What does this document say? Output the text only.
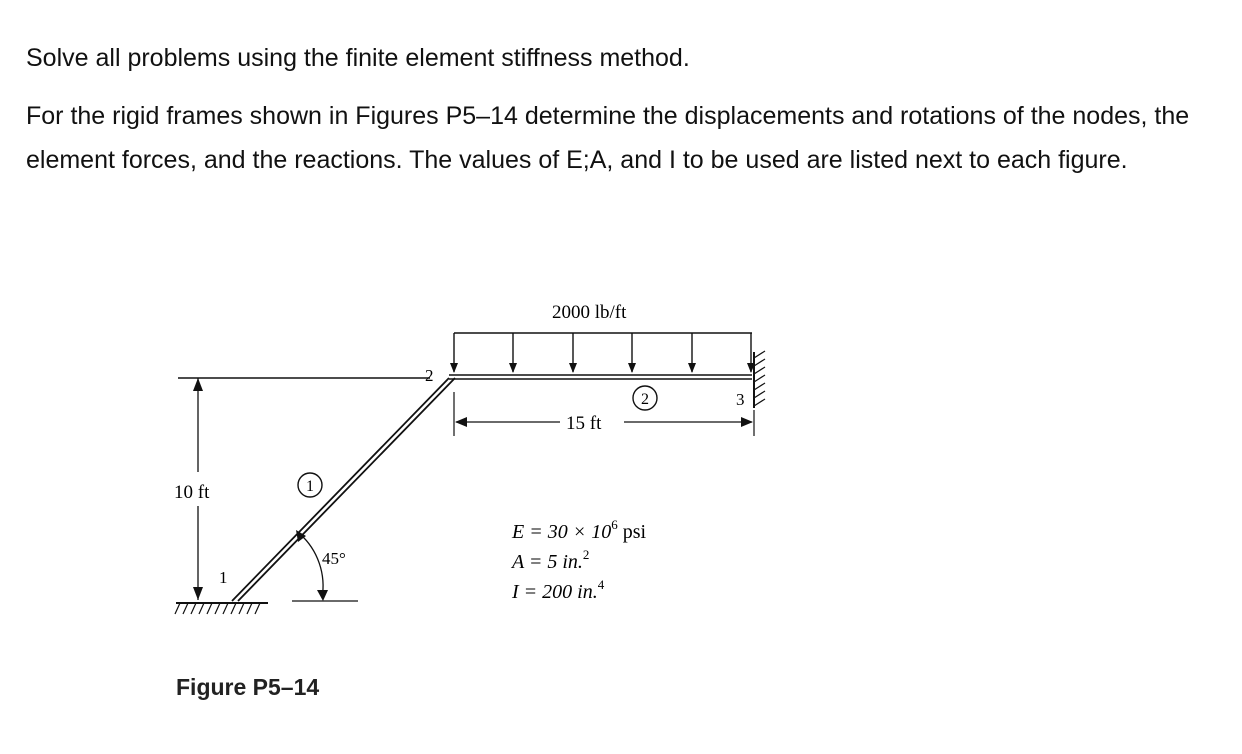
Solve all problems using the finite element stiffness method.

For the rigid frames shown in Figures P5–14 determine the displacements and rotations of the nodes, the element forces, and the reactions. The values of E;A, and I to be used are listed next to each figure.

10 ft
45°
1
2
3
1
2
2000 lb/ft
15 ft
$E = 30 \times 10^6$ psi
A = 5 in.$^2$
I = 200 in.$^4$
Figure P5–14
